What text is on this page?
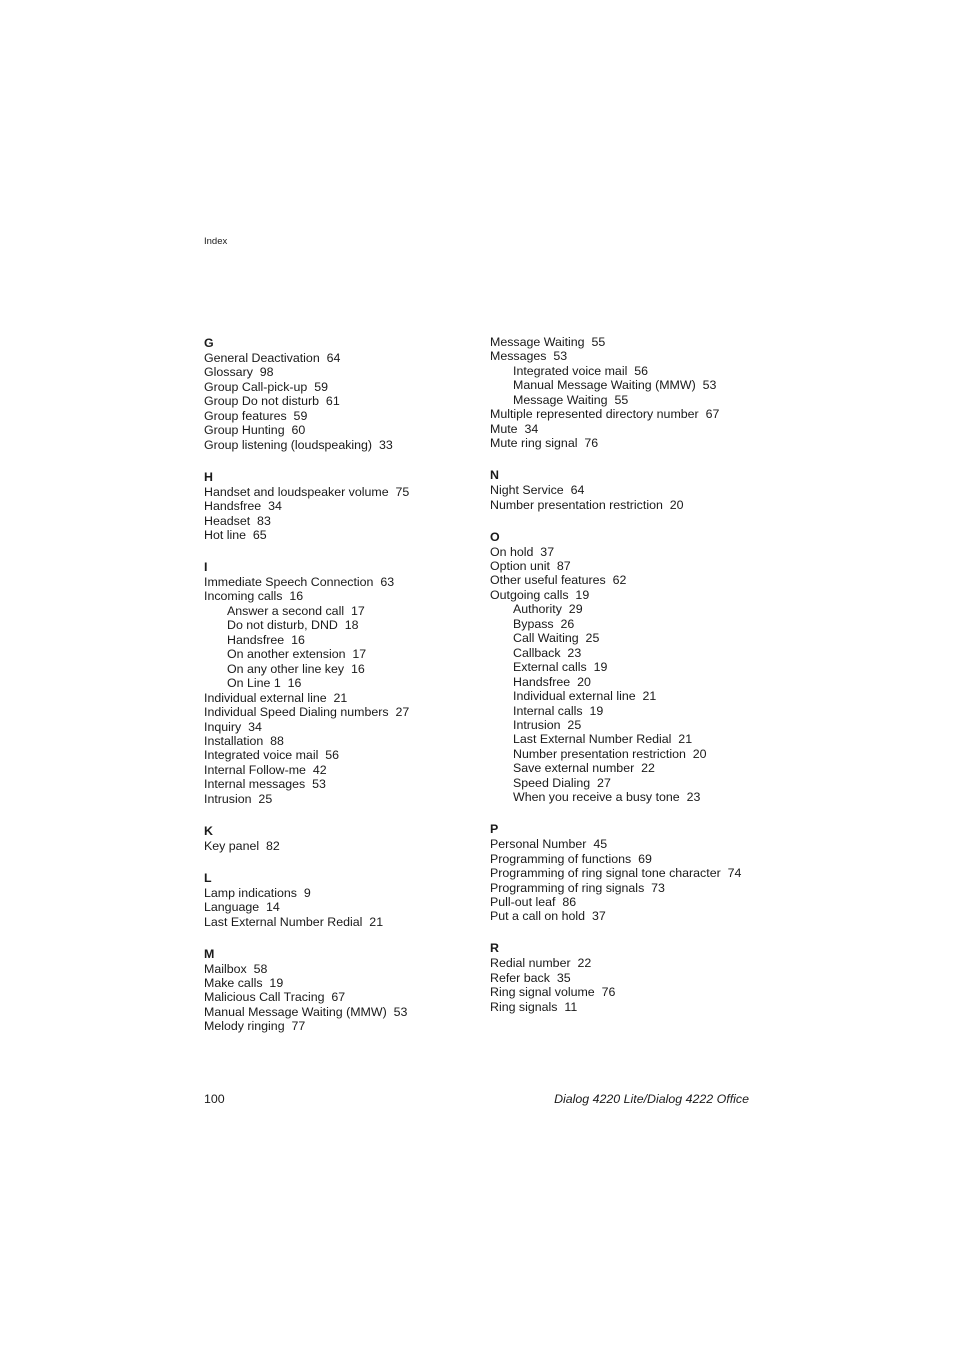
Index
G
General Deactivation 64
Glossary 98
Group Call-pick-up 59
Group Do not disturb 61
Group features 59
Group Hunting 60
Group listening (loudspeaking) 33
H
Handset and loudspeaker volume 75
Handsfree 34
Headset 83
Hot line 65
I
Immediate Speech Connection 63
Incoming calls 16
Answer a second call 17
Do not disturb, DND 18
Handsfree 16
On another extension 17
On any other line key 16
On Line 1 16
Individual external line 21
Individual Speed Dialing numbers 27
Inquiry 34
Installation 88
Integrated voice mail 56
Internal Follow-me 42
Internal messages 53
Intrusion 25
K
Key panel 82
L
Lamp indications 9
Language 14
Last External Number Redial 21
M
Mailbox 58
Make calls 19
Malicious Call Tracing 67
Manual Message Waiting (MMW) 53
Melody ringing 77
Message Waiting 55
Messages 53
Integrated voice mail 56
Manual Message Waiting (MMW) 53
Message Waiting 55
Multiple represented directory number 67
Mute 34
Mute ring signal 76
N
Night Service 64
Number presentation restriction 20
O
On hold 37
Option unit 87
Other useful features 62
Outgoing calls 19
Authority 29
Bypass 26
Call Waiting 25
Callback 23
External calls 19
Handsfree 20
Individual external line 21
Internal calls 19
Intrusion 25
Last External Number Redial 21
Number presentation restriction 20
Save external number 22
Speed Dialing 27
When you receive a busy tone 23
P
Personal Number 45
Programming of functions 69
Programming of ring signal tone character 74
Programming of ring signals 73
Pull-out leaf 86
Put a call on hold 37
R
Redial number 22
Refer back 35
Ring signal volume 76
Ring signals 11
100	Dialog 4220 Lite/Dialog 4222 Office
